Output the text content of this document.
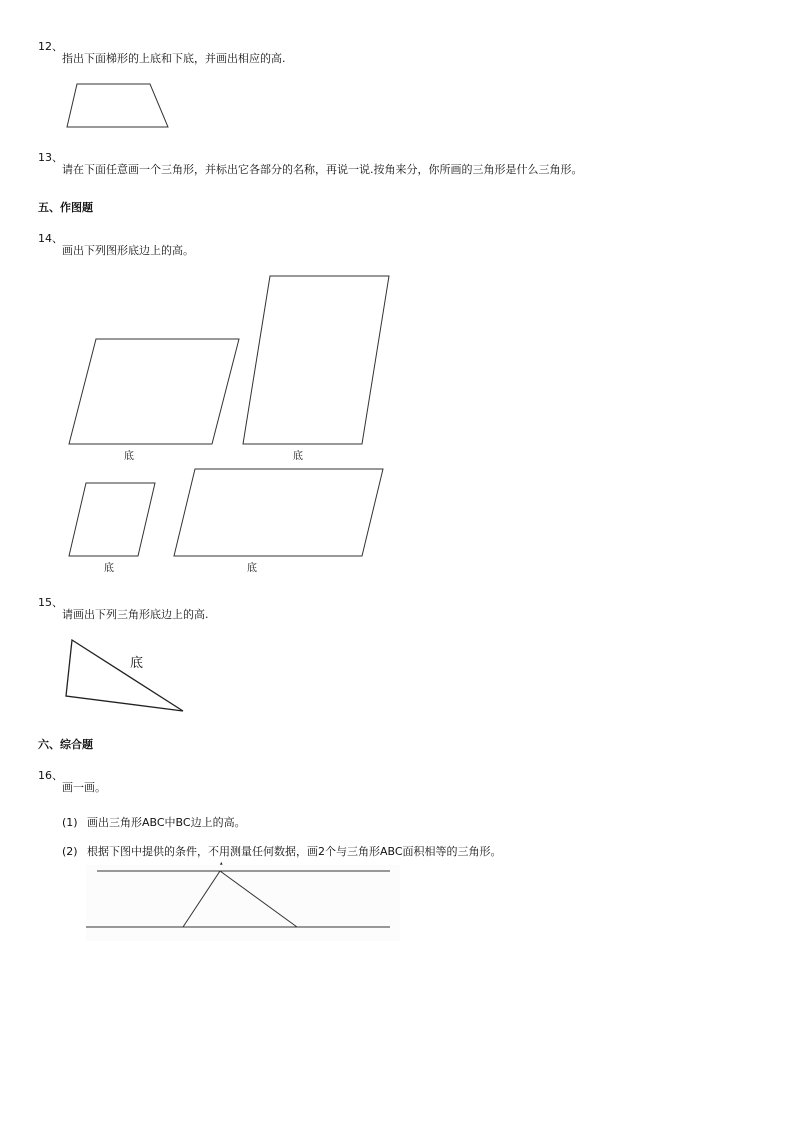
12、
指出下面梯形的上底和下底，并画出相应的高.
13、
请在下面任意画一个三角形，并标出它各部分的名称，再说一说.按角来分，你所画的三角形是什么三角形。
五、作图题
14、
画出下列图形底边上的高。
底	底
底	底
15、
请画出下列三角形底边上的高.
底
六、综合题
16、
画一画。
(1) 画出三角形ABC中BC边上的高。
(2) 根据下图中提供的条件，不用测量任何数据，画2个与三角形ABC面积相等的三角形。
